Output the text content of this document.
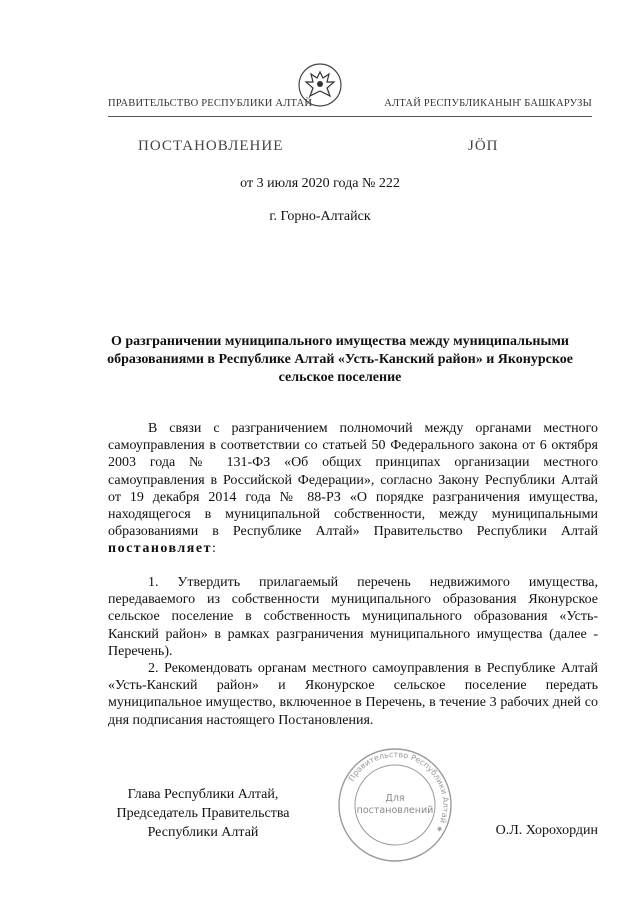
ПРАВИТЕЛЬСТВО РЕСПУБЛИКИ АЛТАЙ	АЛТАЙ РЕСПУБЛИКАНЫҤ БАШКАРУЗЫ
ПОСТАНОВЛЕНИЕ	ЈӦП
от 3 июля 2020 года № 222
г. Горно-Алтайск
О разграничении муниципального имущества между муниципальными образованиями в Республике Алтай «Усть-Канский район» и Яконурское сельское поселение
В связи с разграничением полномочий между органами местного самоуправления в соответствии со статьей 50 Федерального закона от 6 октября 2003 года № 131-ФЗ «Об общих принципах организации местного самоуправления в Российской Федерации», согласно Закону Республики Алтай от 19 декабря 2014 года № 88-РЗ «О порядке разграничения имущества, находящегося в муниципальной собственности, между муниципальными образованиями в Республике Алтай» Правительство Республики Алтай постановляет:
1. Утвердить прилагаемый перечень недвижимого имущества, передаваемого из собственности муниципального образования Яконурское сельское поселение в собственность муниципального образования «Усть-Канский район» в рамках разграничения муниципального имущества (далее - Перечень).
2. Рекомендовать органам местного самоуправления в Республике Алтай «Усть-Канский район» и Яконурское сельское поселение передать муниципальное имущество, включенное в Перечень, в течение 3 рабочих дней со дня подписания настоящего Постановления.
Правительство Республики Алтай ★
Для
постановлений
Глава Республики Алтай,
Председатель Правительства
Республики Алтай	О.Л. Хорохордин
